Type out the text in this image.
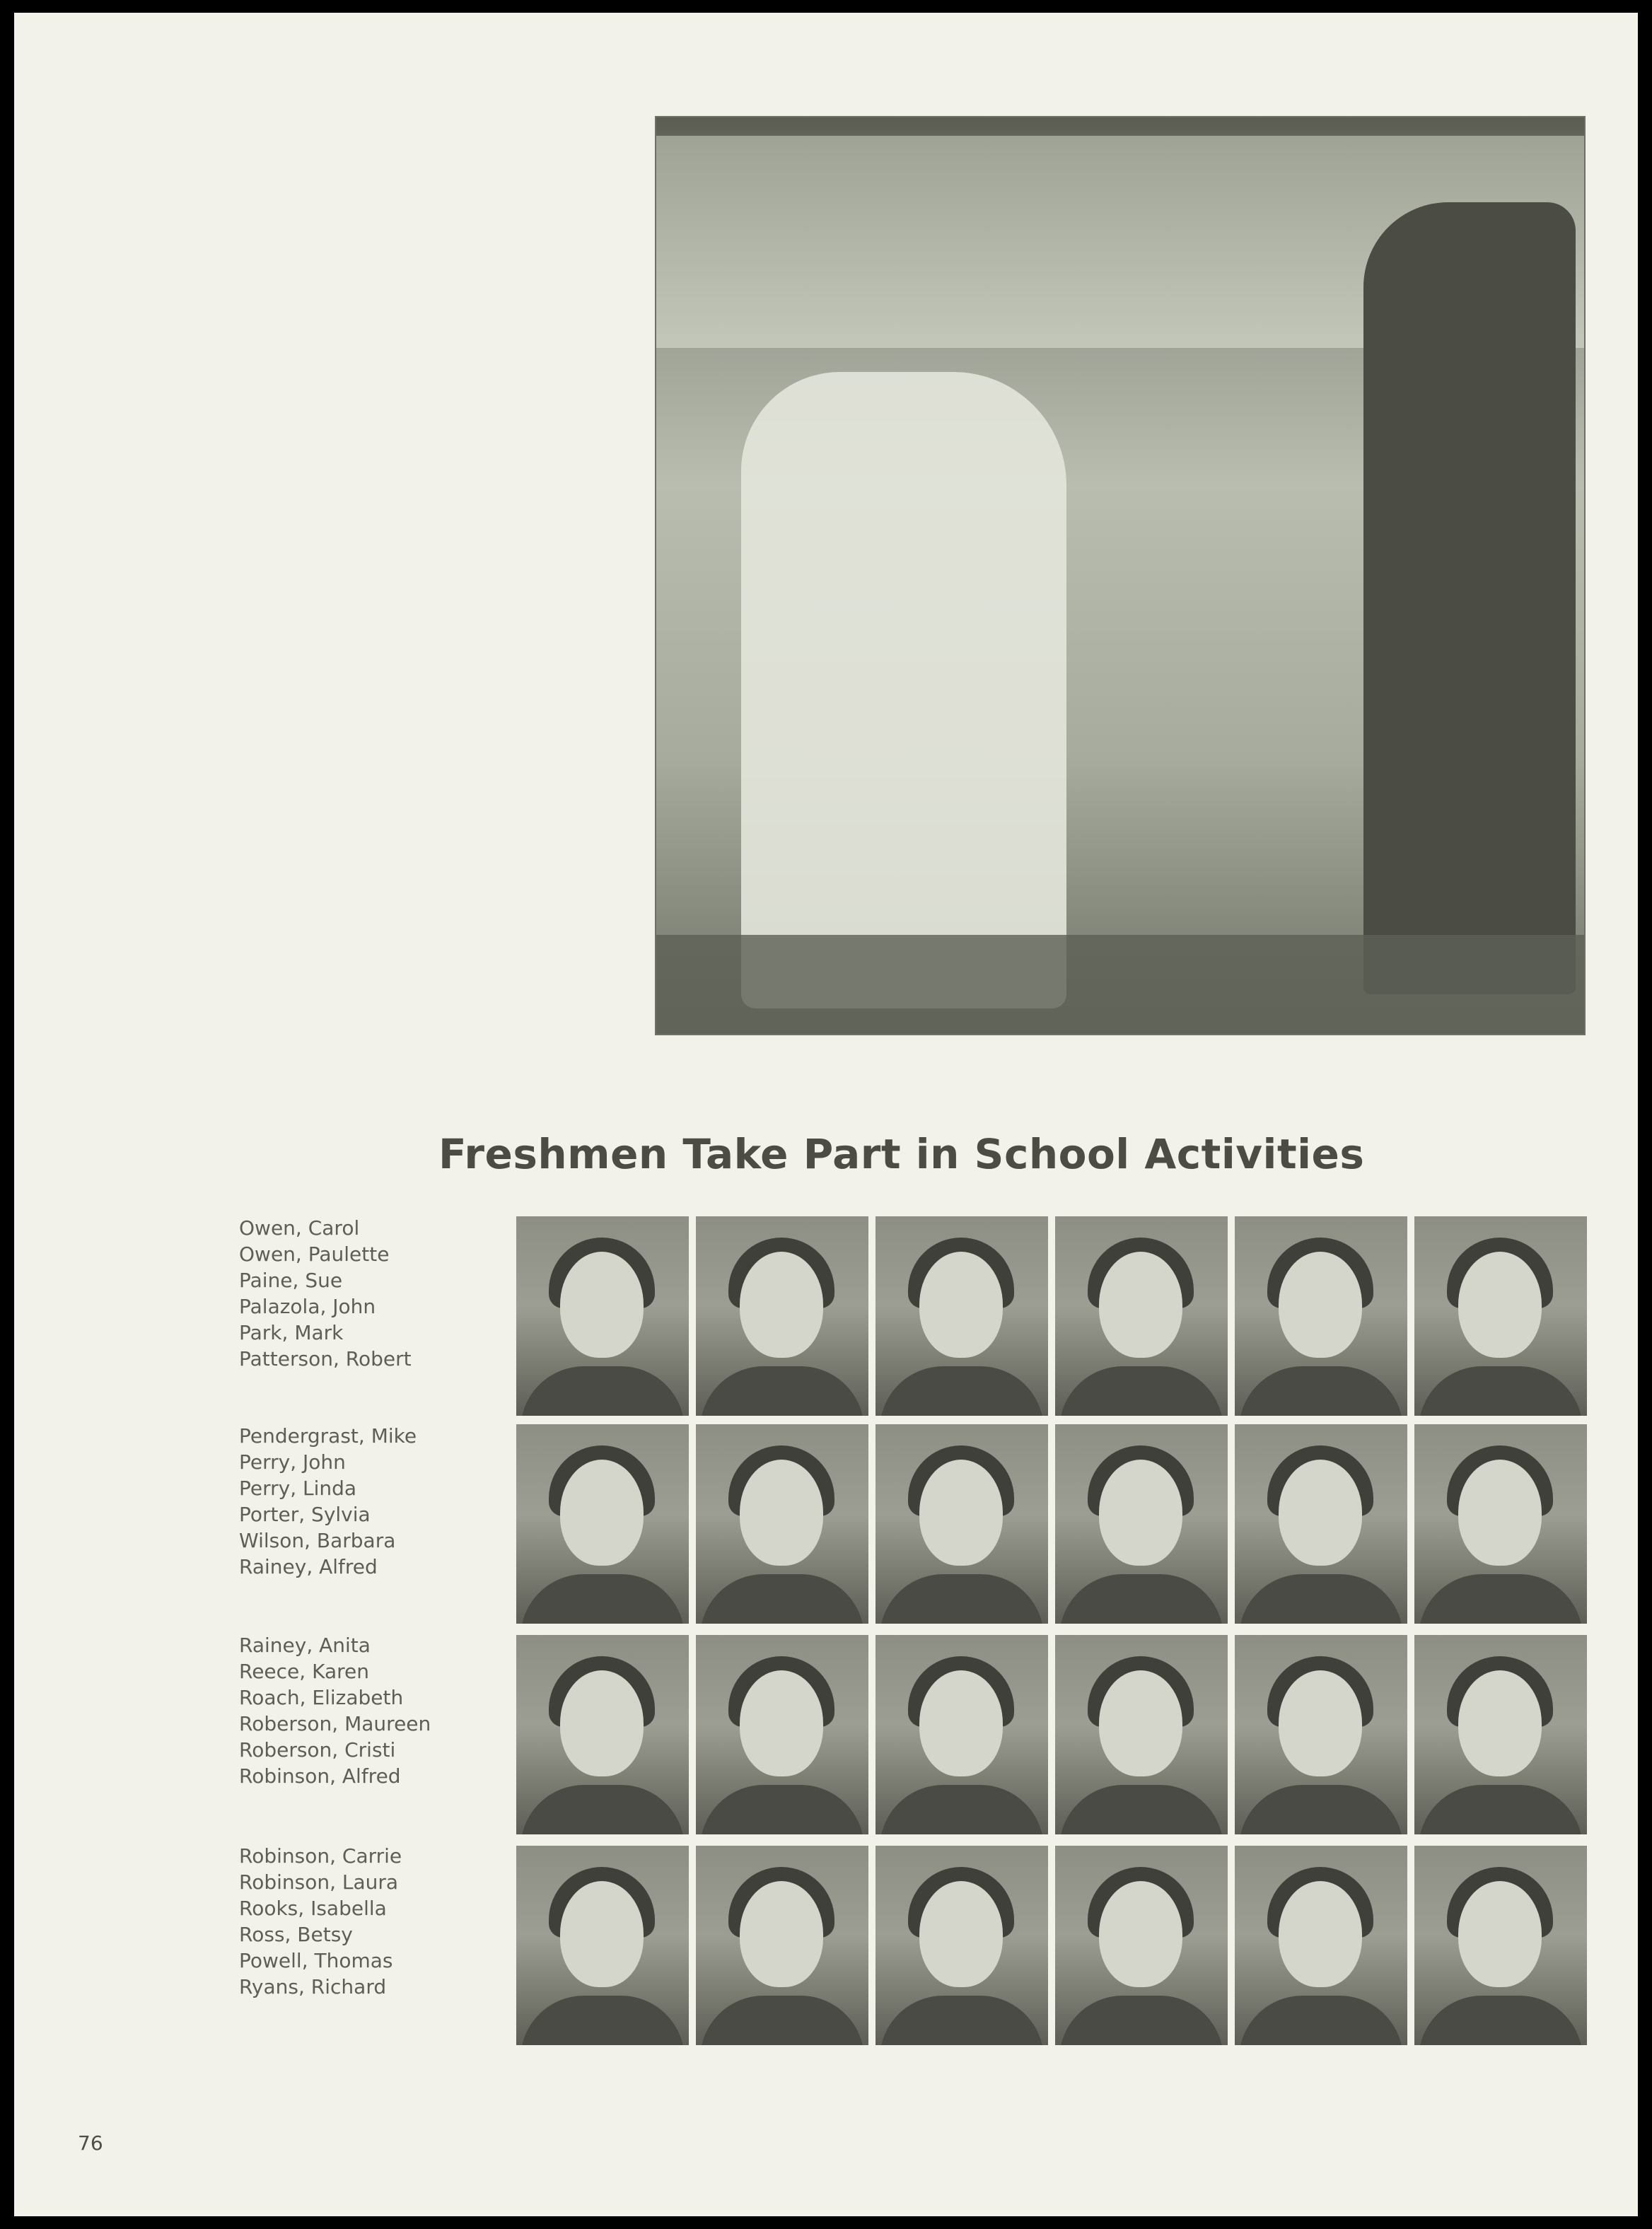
Freshmen Take Part in School Activities
Owen, Carol
Owen, Paulette
Paine, Sue
Palazola, John
Park, Mark
Patterson, Robert
Pendergrast, Mike
Perry, John
Perry, Linda
Porter, Sylvia
Wilson, Barbara
Rainey, Alfred
Rainey, Anita
Reece, Karen
Roach, Elizabeth
Roberson, Maureen
Roberson, Cristi
Robinson, Alfred
Robinson, Carrie
Robinson, Laura
Rooks, Isabella
Ross, Betsy
Powell, Thomas
Ryans, Richard
76
